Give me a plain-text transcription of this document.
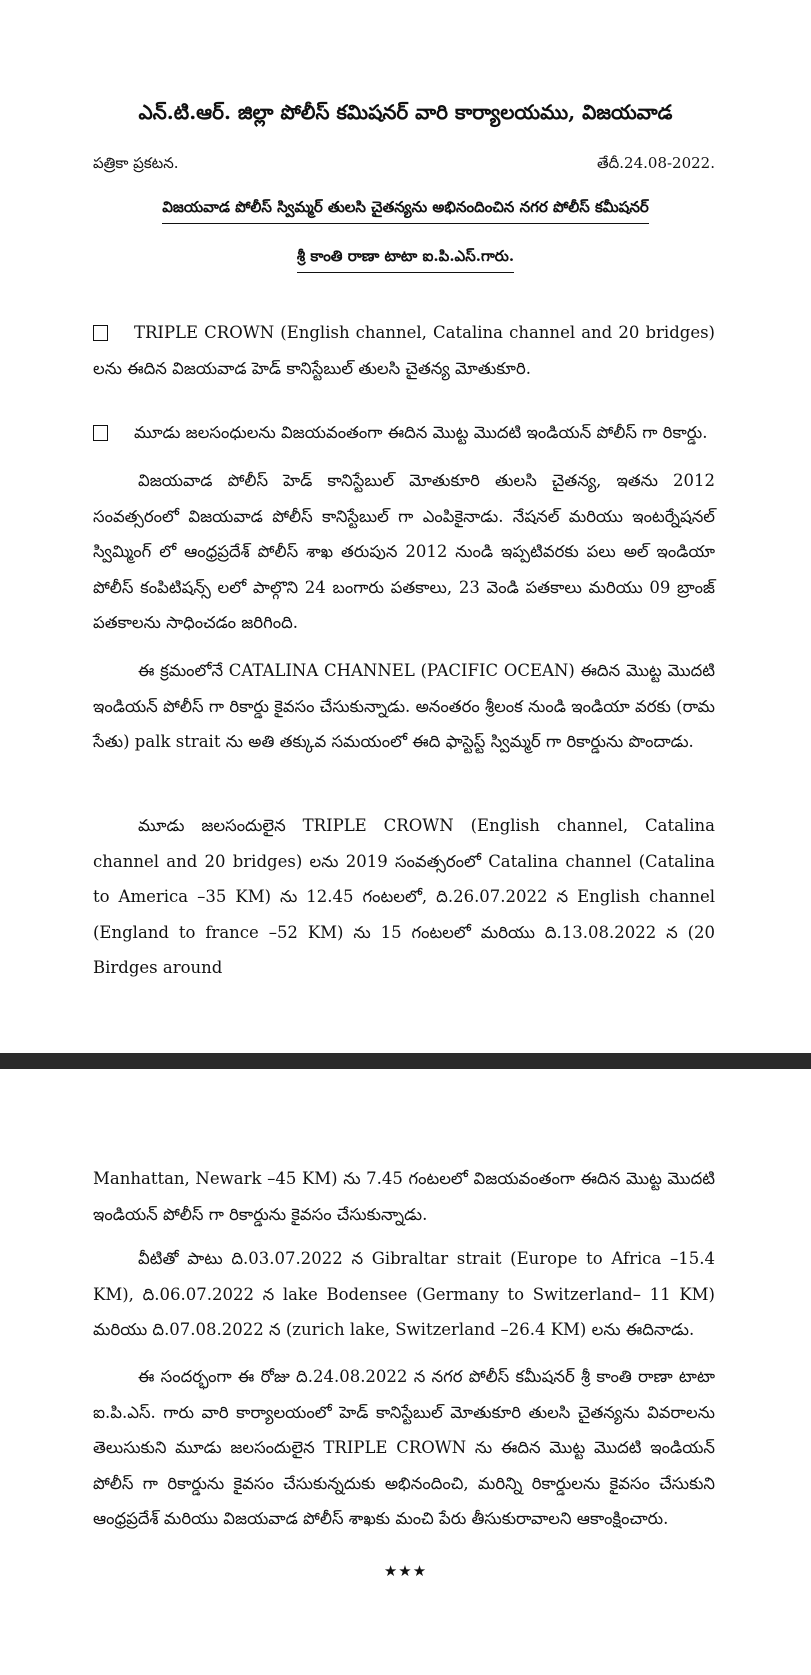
ఎన్.టి.ఆర్. జిల్లా పోలీస్ కమిషనర్ వారి కార్యాలయము, విజయవాడ
పత్రికా ప్రకటన.	తేదీ.24.08-2022.
విజయవాడ పోలీస్ స్విమ్మర్ తులసి చైతన్యను అభినందించిన నగర పోలీస్ కమీషనర్
శ్రీ కాంతి రాణా టాటా ఐ.పి.ఎస్.గారు.
TRIPLE CROWN (English channel, Catalina channel and 20 bridges) లను ఈదిన విజయవాడ హెడ్ కానిస్టేబుల్ తులసి చైతన్య మోతుకూరి.
మూడు జలసంధులను విజయవంతంగా ఈదిన మొట్ట మొదటి ఇండియన్ పోలీస్ గా రికార్డు.
విజయవాడ పోలీస్ హెడ్ కానిస్టేబుల్ మోతుకూరి తులసి చైతన్య, ఇతను 2012 సంవత్సరంలో విజయవాడ పోలీస్ కానిస్టేబుల్ గా ఎంపికైనాడు. నేషనల్ మరియు ఇంటర్నేషనల్ స్విమ్మింగ్ లో ఆంధ్రప్రదేశ్ పోలీస్ శాఖ తరుపున 2012 నుండి ఇప్పటివరకు పలు అల్ ఇండియా పోలీస్ కంపిటిషన్స్ లలో పాల్గొని 24 బంగారు పతకాలు, 23 వెండి పతకాలు మరియు 09 బ్రాంజ్ పతకాలను సాధించడం జరిగింది.
ఈ క్రమంలోనే CATALINA CHANNEL (PACIFIC OCEAN) ఈదిన మొట్ట మొదటి ఇండియన్ పోలీస్ గా రికార్డు కైవసం చేసుకున్నాడు. అనంతరం శ్రీలంక నుండి ఇండియా వరకు (రామ సేతు) palk strait ను అతి తక్కువ సమయంలో ఈది ఫాస్టెస్ట్ స్విమ్మర్ గా రికార్డును పొందాడు.
మూడు జలసందులైన TRIPLE CROWN (English channel, Catalina channel and 20 bridges) లను 2019 సంవత్సరంలో Catalina channel (Catalina to America –35 KM) ను 12.45 గంటలలో, ది.26.07.2022 న English channel (England to france –52 KM) ను 15 గంటలలో మరియు ది.13.08.2022 న (20 Birdges around
Manhattan, Newark –45 KM) ను 7.45 గంటలలో విజయవంతంగా ఈదిన మొట్ట మొదటి ఇండియన్ పోలీస్ గా రికార్డును కైవసం చేసుకున్నాడు.
వీటితో పాటు ది.03.07.2022 న Gibraltar strait (Europe to Africa –15.4 KM), ది.06.07.2022 న lake Bodensee (Germany to Switzerland– 11 KM) మరియు ది.07.08.2022 న (zurich lake, Switzerland –26.4 KM) లను ఈదినాడు.
ఈ సందర్భంగా ఈ రోజు ది.24.08.2022 న నగర పోలీస్ కమీషనర్ శ్రీ కాంతి రాణా టాటా ఐ.పి.ఎస్. గారు వారి కార్యాలయంలో హెడ్ కానిస్టేబుల్ మోతుకూరి తులసి చైతన్యను వివరాలను తెలుసుకుని మూడు జలసందులైన TRIPLE CROWN ను ఈదిన మొట్ట మొదటి ఇండియన్ పోలీస్ గా రికార్డును కైవసం చేసుకున్నదుకు అభినందించి, మరిన్ని రికార్డులను కైవసం చేసుకుని ఆంధ్రప్రదేశ్ మరియు విజయవాడ పోలీస్ శాఖకు మంచి పేరు తీసుకురావాలని ఆకాంక్షించారు.
★★★
